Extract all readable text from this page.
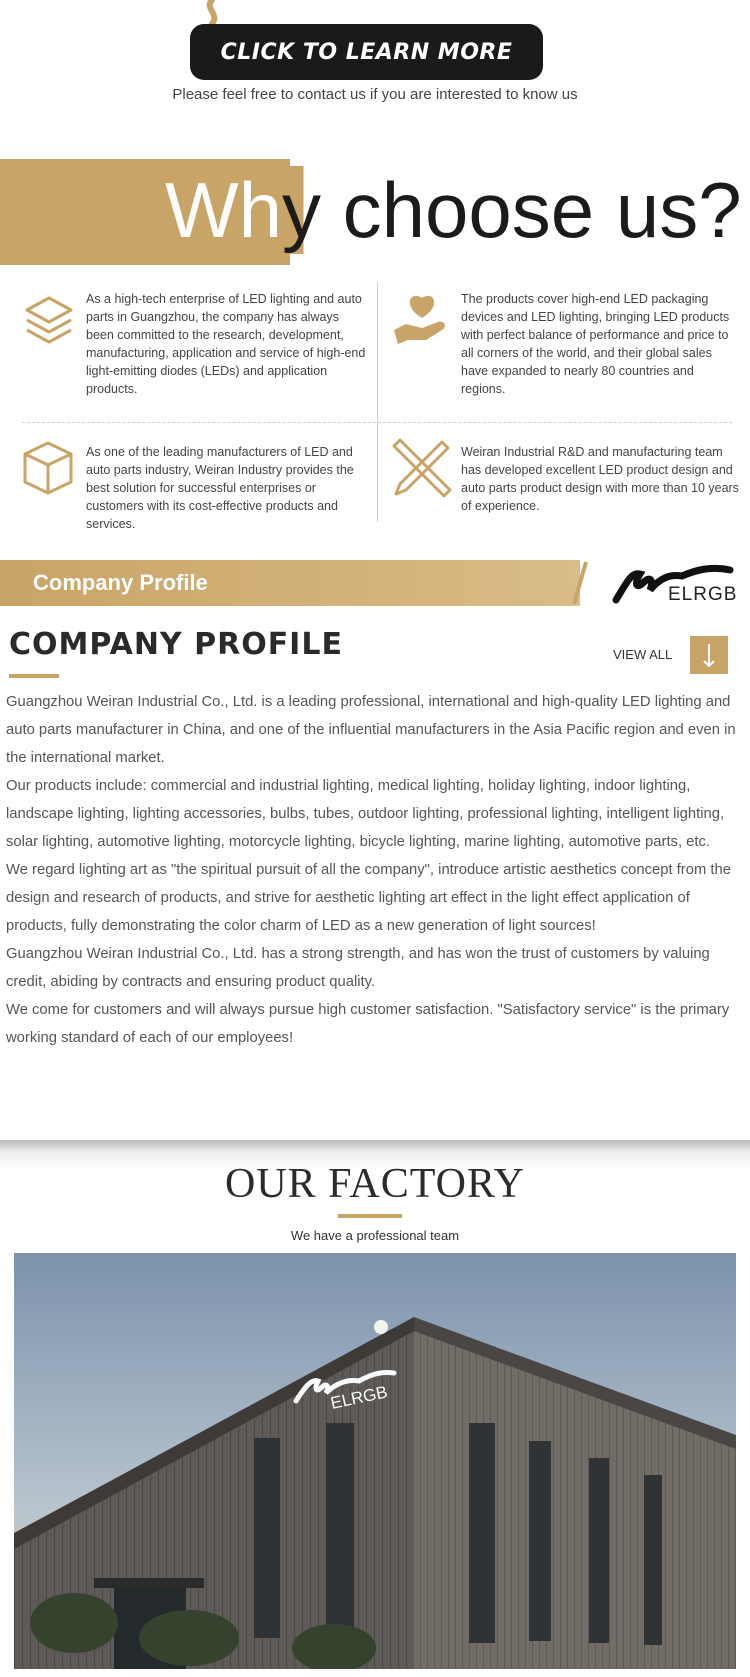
CLICK TO LEARN MORE
Please feel free to contact us if you are interested to know us
Why choose us?
As a high-tech enterprise of LED lighting and auto parts in Guangzhou, the company has always been committed to the research, development, manufacturing, application and service of high-end light-emitting diodes (LEDs) and application products.
The products cover high-end LED packaging devices and LED lighting, bringing LED products with perfect balance of performance and price to all corners of the world, and their global sales have expanded to nearly 80 countries and regions.
As one of the leading manufacturers of LED and auto parts industry, Weiran Industry provides the best solution for successful enterprises or customers with its cost-effective products and services.
Weiran Industrial R&D and manufacturing team has developed excellent LED product design and auto parts product design with more than 10 years of experience.
Company Profile	ELRGB
COMPANY PROFILE	VIEW ALL

Guangzhou Weiran Industrial Co., Ltd. is a leading professional, international and high-quality LED lighting and auto parts manufacturer in China, and one of the influential manufacturers in the Asia Pacific region and even in the international market.

Our products include: commercial and industrial lighting, medical lighting, holiday lighting, indoor lighting, landscape lighting, lighting accessories, bulbs, tubes, outdoor lighting, professional lighting, intelligent lighting, solar lighting, automotive lighting, motorcycle lighting, bicycle lighting, marine lighting, automotive parts, etc.

We regard lighting art as "the spiritual pursuit of all the company", introduce artistic aesthetics concept from the design and research of products, and strive for aesthetic lighting art effect in the light effect application of products, fully demonstrating the color charm of LED as a new generation of light sources!

Guangzhou Weiran Industrial Co., Ltd. has a strong strength, and has won the trust of customers by valuing credit, abiding by contracts and ensuring product quality.

We come for customers and will always pursue high customer satisfaction. "Satisfactory service" is the primary working standard of each of our employees!

OUR FACTORY
We have a professional team
ELRGB
